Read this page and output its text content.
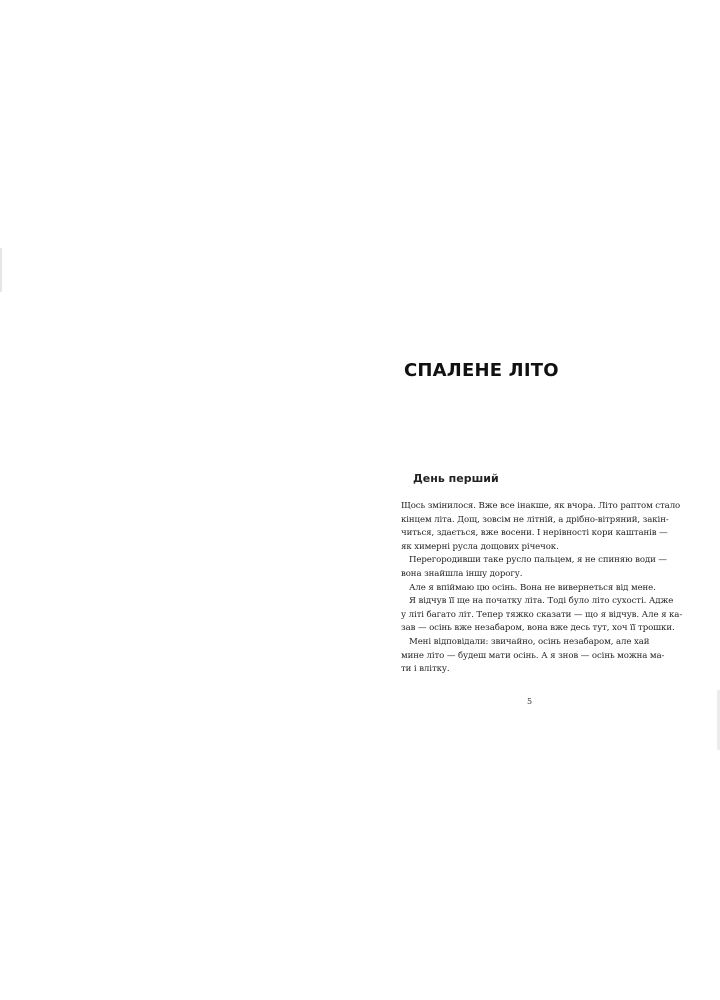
СПАЛЕНЕ ЛІТО
День перший
Щось змінилося. Вже все інакше, як вчора. Літо раптом стало
кінцем літа. Дощ, зовсім не літній, а дрібно-вітряний, закін-
читься, здається, вже восени. І нерівності кори каштанів —
як химерні русла дощових річечок.
Перегородивши таке русло пальцем, я не спиняю води —
вона знайшла іншу дорогу.
Але я впіймаю цю осінь. Вона не вивернеться від мене.
Я відчув її ще на початку літа. Тоді було літо сухості. Адже
у літі багато літ. Тепер тяжко сказати — що я відчув. Але я ка-
зав — осінь вже незабаром, вона вже десь тут, хоч її трошки.
Мені відповідали: звичайно, осінь незабаром, але хай
мине літо — будеш мати осінь. А я знов — осінь можна ма-
ти і влітку.
5
